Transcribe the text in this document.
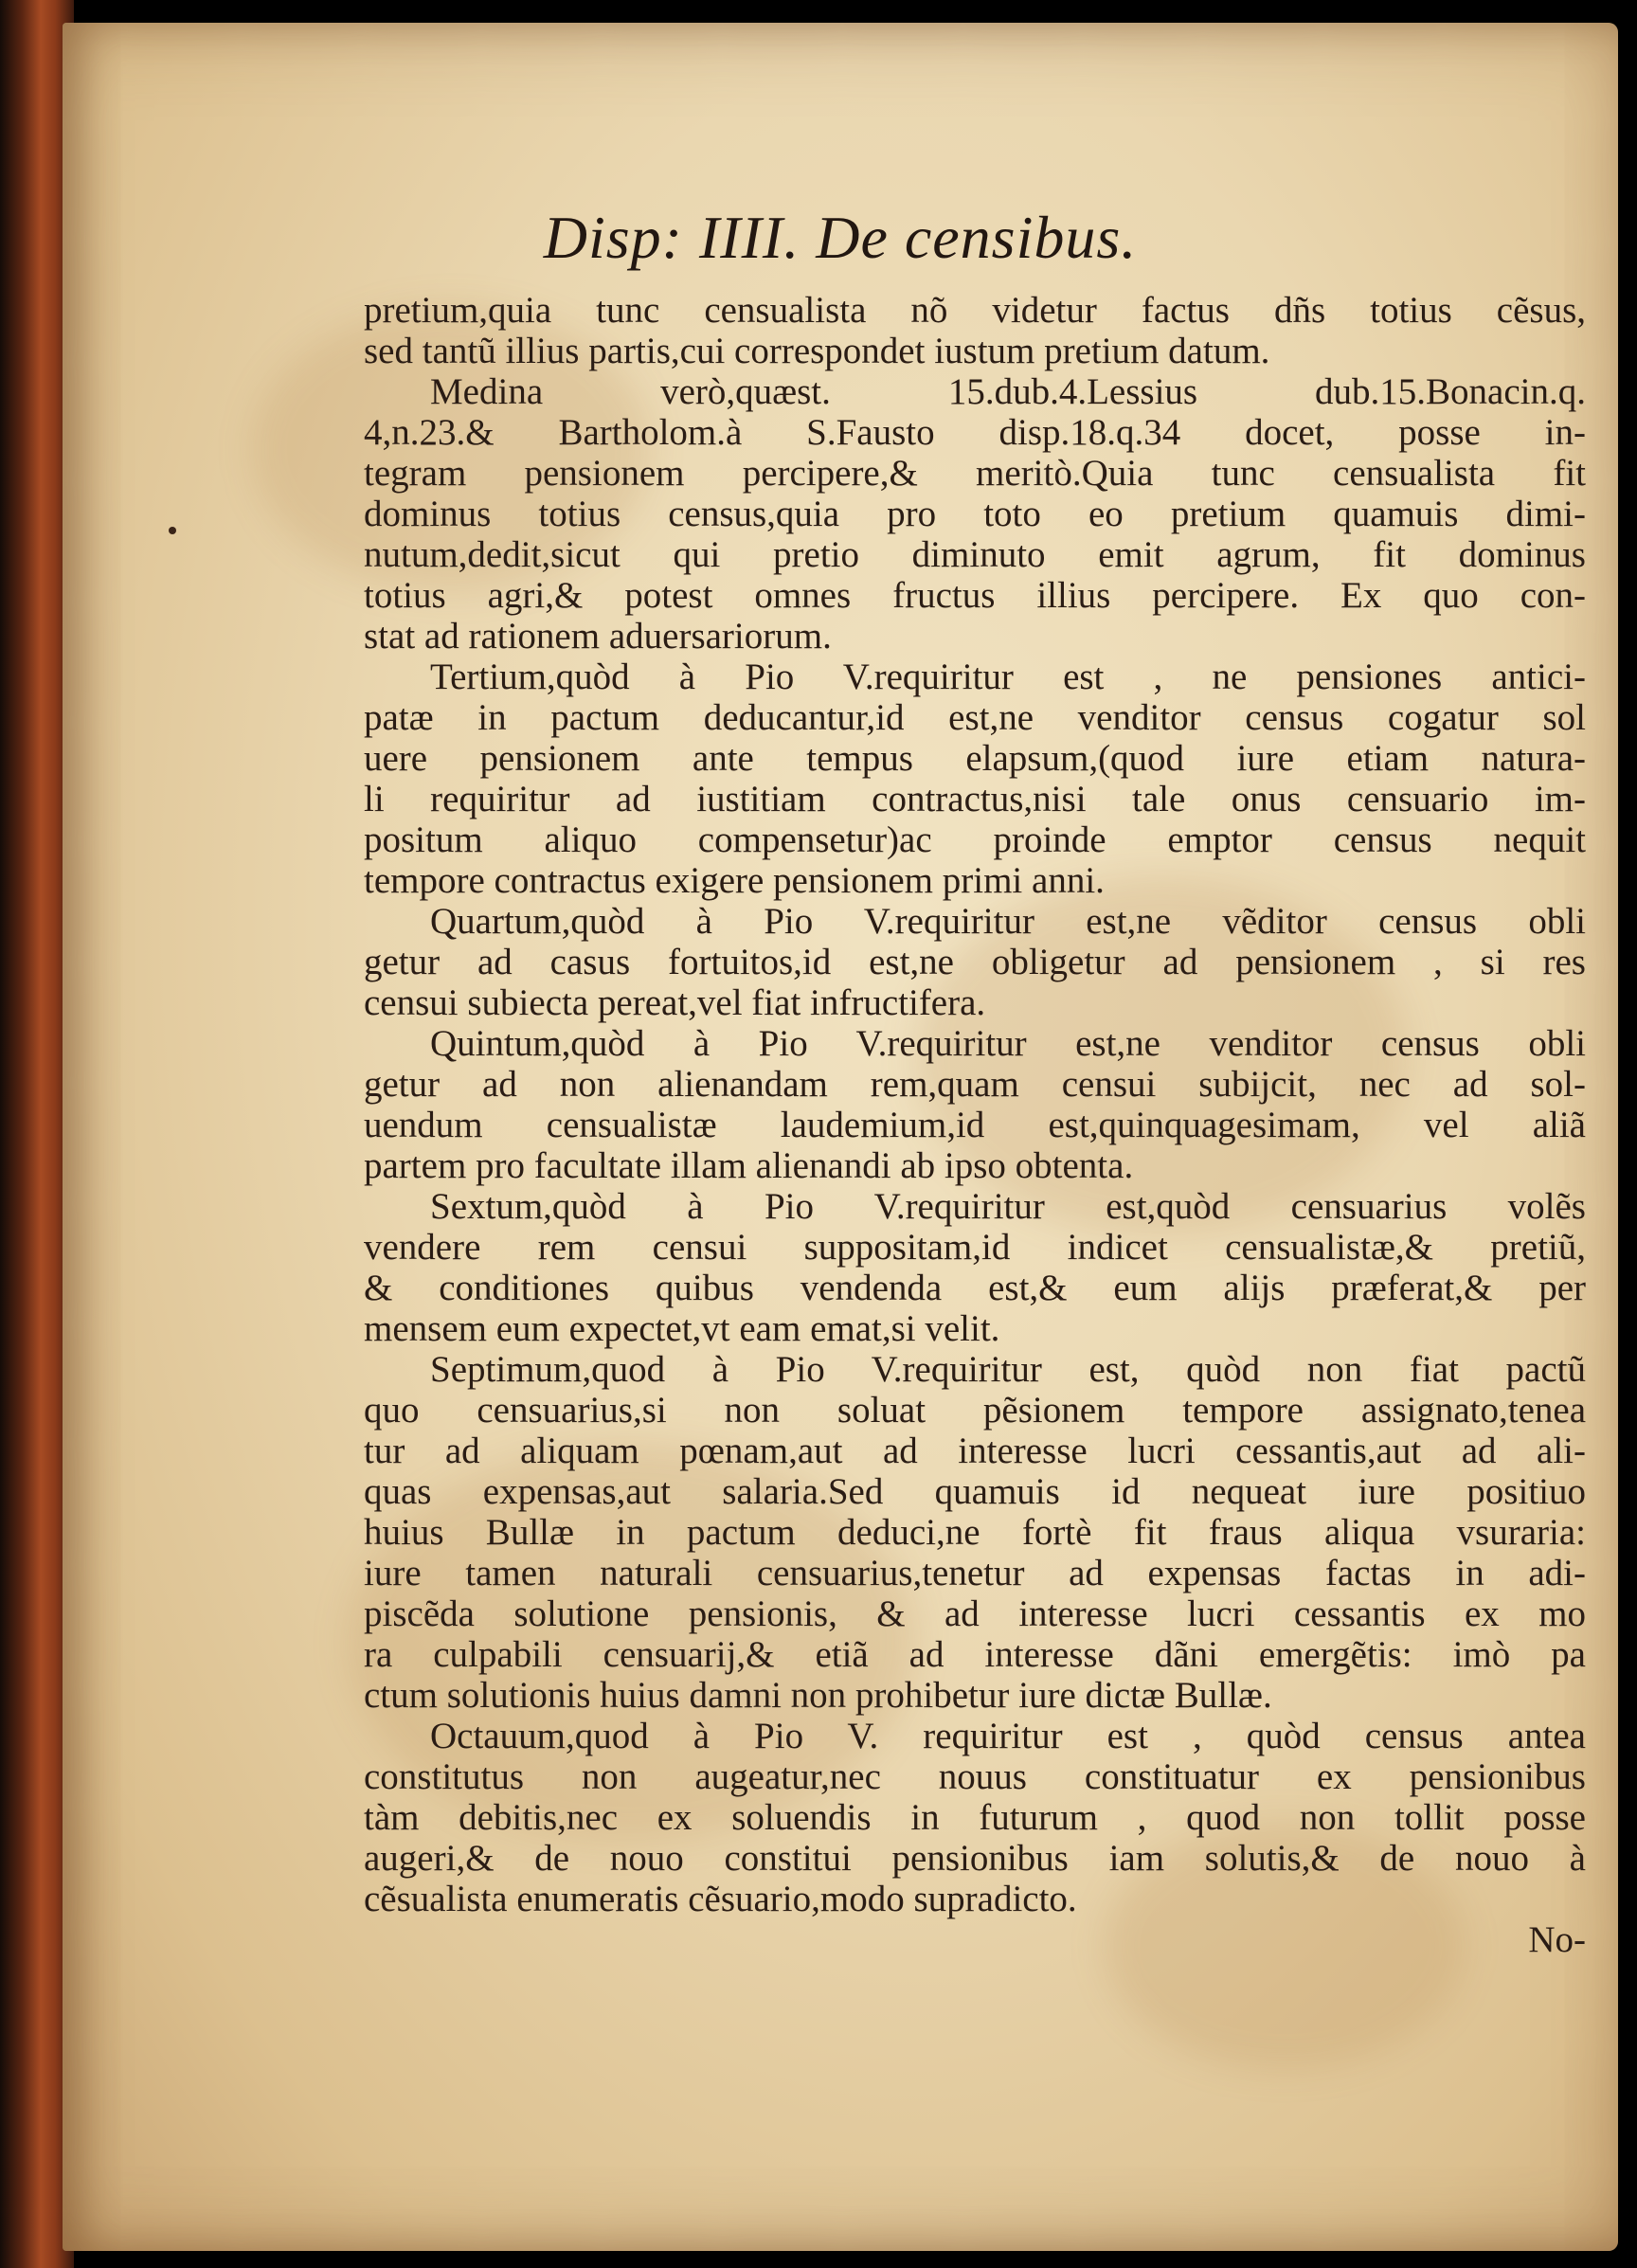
Disp: IIII. De censibus.
pretium,quia tunc censualista nõ videtur factus dñs totius cẽsus,
sed tantũ illius partis,cui correspondet iustum pretium datum.
Medina verò,quæst. 15.dub.4.Lessius dub.15.Bonacin.q.
4,n.23.& Bartholom.à S.Fausto disp.18.q.34 docet, posse in-
tegram pensionem percipere,& meritò.Quia tunc censualista fit
dominus totius census,quia pro toto eo pretium quamuis dimi-
nutum,dedit,sicut qui pretio diminuto emit agrum, fit dominus
totius agri,& potest omnes fructus illius percipere. Ex quo con-
stat ad rationem aduersariorum.
Tertium,quòd à Pio V.requiritur est , ne pensiones antici-
patæ in pactum deducantur,id est,ne venditor census cogatur sol
uere pensionem ante tempus elapsum,(quod iure etiam natura-
li requiritur ad iustitiam contractus,nisi tale onus censuario im-
positum aliquo compensetur)ac proinde emptor census nequit
tempore contractus exigere pensionem primi anni.
Quartum,quòd à Pio V.requiritur est,ne vẽditor census obli
getur ad casus fortuitos,id est,ne obligetur ad pensionem , si res
censui subiecta pereat,vel fiat infructifera.
Quintum,quòd à Pio V.requiritur est,ne venditor census obli
getur ad non alienandam rem,quam censui subijcit, nec ad sol-
uendum censualistæ laudemium,id est,quinquagesimam, vel aliã
partem pro facultate illam alienandi ab ipso obtenta.
Sextum,quòd à Pio V.requiritur est,quòd censuarius volẽs
vendere rem censui suppositam,id indicet censualistæ,& pretiũ,
& conditiones quibus vendenda est,& eum alijs præferat,& per
mensem eum expectet,vt eam emat,si velit.
Septimum,quod à Pio V.requiritur est, quòd non fiat pactũ
quo censuarius,si non soluat pẽsionem tempore assignato,tenea
tur ad aliquam pœnam,aut ad interesse lucri cessantis,aut ad ali-
quas expensas,aut salaria.Sed quamuis id nequeat iure positiuo
huius Bullæ in pactum deduci,ne fortè fit fraus aliqua vsuraria:
iure tamen naturali censuarius,tenetur ad expensas factas in adi-
piscẽda solutione pensionis, & ad interesse lucri cessantis ex mo
ra culpabili censuarij,& etiã ad interesse dãni emergẽtis: imò pa
ctum solutionis huius damni non prohibetur iure dictæ Bullæ.
Octauum,quod à Pio V. requiritur est , quòd census antea
constitutus non augeatur,nec nouus constituatur ex pensionibus
tàm debitis,nec ex soluendis in futurum , quod non tollit posse
augeri,& de nouo constitui pensionibus iam solutis,& de nouo à
cẽsualista enumeratis cẽsuario,modo supradicto.
No-
